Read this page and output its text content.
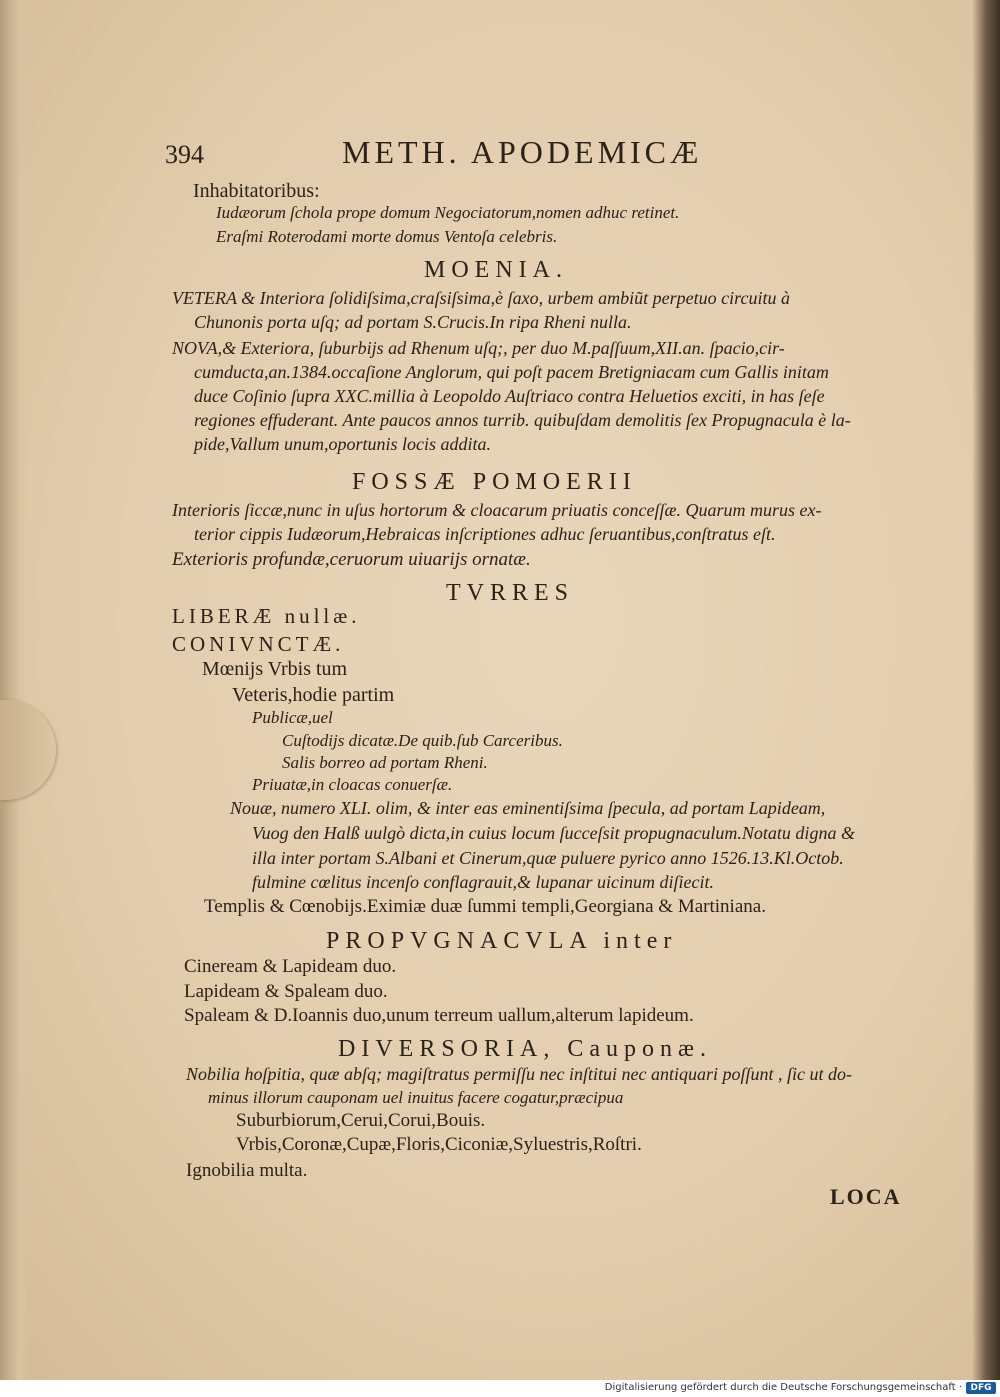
394	METH. APODEMICÆ
Inhabitatoribus:
Iudæorum ſchola prope domum Negociatorum,nomen adhuc retinet.
Eraſmi Roterodami morte domus Ventoſa celebris.
MOENIA.
VETERA & Interiora ſolidiſsima,craſsiſsima,è ſaxo, urbem ambiũt perpetuo circuitu à
Chunonis porta uſq; ad portam S.Crucis.In ripa Rheni nulla.
NOVA,& Exteriora, ſuburbijs ad Rhenum uſq;, per duo M.paſſuum,XII.an. ſpacio,cir-
cumducta,an.1384.occaſione Anglorum, qui poſt pacem Bretigniacam cum Gallis initam
duce Coſinio ſupra XXC.millia à Leopoldo Auſtriaco contra Heluetios exciti, in has ſeſe
regiones effuderant. Ante paucos annos turrib. quibuſdam demolitis ſex Propugnacula è la-
pide,Vallum unum,oportunis locis addita.
FOSSÆ POMOERII
Interioris ſiccæ,nunc in uſus hortorum & cloacarum priuatis conceſſæ. Quarum murus ex-
terior cippis Iudæorum,Hebraicas inſcriptiones adhuc ſeruantibus,conſtratus eſt.
Exterioris profundæ,ceruorum uiuarijs ornatæ.
TVRRES
LIBERÆ nullæ.
CONIVNCTÆ.
Mœnijs Vrbis tum
Veteris,hodie partim
Publicæ,uel
Cuſtodijs dicatæ.De quib.ſub Carceribus.
Salis borreo ad portam Rheni.
Priuatæ,in cloacas conuerſæ.
Nouæ, numero XLI. olim, & inter eas eminentiſsima ſpecula, ad portam Lapideam,
Vuog den Halß uulgò dicta,in cuius locum ſucceſsit propugnaculum.Notatu digna &
illa inter portam S.Albani et Cinerum,quæ puluere pyrico anno 1526.13.Kl.Octob.
fulmine cœlitus incenſo conflagrauit,& lupanar uicinum diſiecit.
Templis & Cœnobijs.Eximiæ duæ ſummi templi,Georgiana & Martiniana.
PROPVGNACVLA inter
Cineream & Lapideam duo.
Lapideam & Spaleam duo.
Spaleam & D.Ioannis duo,unum terreum uallum,alterum lapideum.
DIVERSORIA, Cauponæ.
Nobilia hoſpitia, quæ abſq; magiſtratus permiſſu nec inſtitui nec antiquari poſſunt , ſic ut do-
minus illorum cauponam uel inuitus facere cogatur,præcipua
Suburbiorum,Cerui,Corui,Bouis.
Vrbis,Coronæ,Cupæ,Floris,Ciconiæ,Syluestris,Roſtri.
Ignobilia multa.
LOCA
Digitalisierung gefördert durch die Deutsche Forschungsgemeinschaft · DFG
